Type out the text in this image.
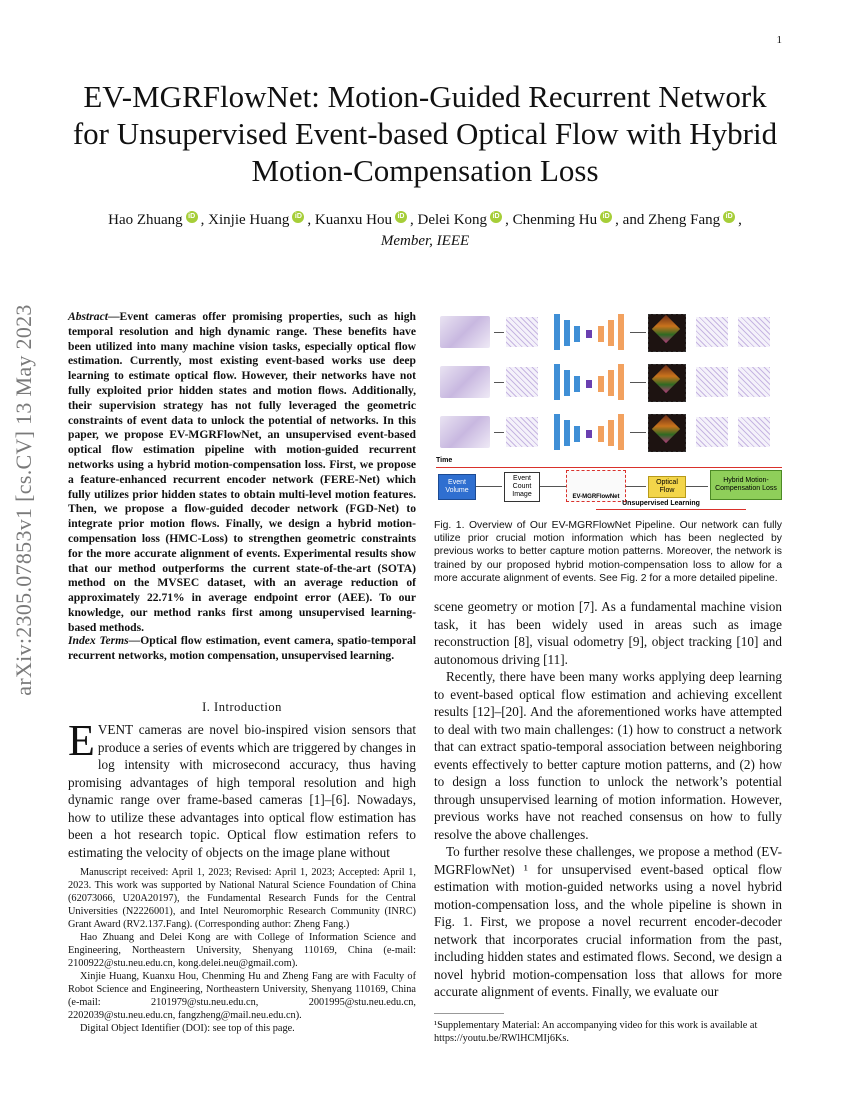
1
arXiv:2305.07853v1 [cs.CV] 13 May 2023
EV-MGRFlowNet: Motion-Guided Recurrent Network for Unsupervised Event-based Optical Flow with Hybrid Motion-Compensation Loss
Hao Zhuang iD , Xinjie Huang iD , Kuanxu Hou iD , Delei Kong iD , Chenming Hu iD , and Zheng Fang iD ,
Member, IEEE
Abstract—Event cameras offer promising properties, such as high temporal resolution and high dynamic range. These benefits have been utilized into many machine vision tasks, especially optical flow estimation. Currently, most existing event-based works use deep learning to estimate optical flow. However, their networks have not fully exploited prior hidden states and motion flows. Additionally, their supervision strategy has not fully leveraged the geometric constraints of event data to unlock the potential of networks. In this paper, we propose EV-MGRFlowNet, an unsupervised event-based optical flow estimation pipeline with motion-guided recurrent networks using a hybrid motion-compensation loss. First, we propose a feature-enhanced recurrent encoder network (FERE-Net) which fully utilizes prior hidden states to obtain multi-level motion features. Then, we propose a flow-guided decoder network (FGD-Net) to integrate prior motion flows. Finally, we design a hybrid motion-compensation loss (HMC-Loss) to strengthen geometric constraints for the more accurate alignment of events. Experimental results show that our method outperforms the current state-of-the-art (SOTA) method on the MVSEC dataset, with an average reduction of approximately 22.71% in average endpoint error (AEE). To our knowledge, our method ranks first among unsupervised learning-based methods.
Index Terms—Optical flow estimation, event camera, spatio-temporal recurrent networks, motion compensation, unsupervised learning.
I. Introduction
EVENT cameras are novel bio-inspired vision sensors that produce a series of events which are triggered by changes in log intensity with microsecond accuracy, thus having promising advantages of high temporal resolution and high dynamic range over frame-based cameras [1]–[6]. Nowadays, how to utilize these advantages into optical flow estimation has been a hot research topic. Optical flow estimation refers to estimating the velocity of objects on the image plane without

Manuscript received: April 1, 2023; Revised: April 1, 2023; Accepted: April 1, 2023. This work was supported by National Natural Science Foundation of China (62073066, U20A20197), the Fundamental Research Funds for the Central Universities (N2226001), and Intel Neuromorphic Research Community (INRC) Grant Award (RV2.137.Fang). (Corresponding author: Zheng Fang.)

Hao Zhuang and Delei Kong are with College of Information Science and Engineering, Northeastern University, Shenyang 110169, China (e-mail: 2100922@stu.neu.edu.cn, kong.delei.neu@gmail.com).

Xinjie Huang, Kuanxu Hou, Chenming Hu and Zheng Fang are with Faculty of Robot Science and Engineering, Northeastern University, Shenyang 110169, China (e-mail: 2101979@stu.neu.edu.cn, 2001995@stu.neu.edu.cn, 2202039@stu.neu.edu.cn, fangzheng@mail.neu.edu.cn).

Digital Object Identifier (DOI): see top of this page.

Time
Event Volume
Event Count Image	EV-MGRFlowNet
Optical Flow
Hybrid Motion-Compensation Loss
Unsupervised Learning
Fig. 1. Overview of Our EV-MGRFlowNet Pipeline. Our network can fully utilize prior crucial motion information which has been neglected by previous works to better capture motion patterns. Moreover, the network is trained by our proposed hybrid motion-compensation loss to allow for a more accurate alignment of events. See Fig. 2 for a more detailed pipeline.

scene geometry or motion [7]. As a fundamental machine vision task, it has been widely used in areas such as image reconstruction [8], visual odometry [9], object tracking [10] and autonomous driving [11].

Recently, there have been many works applying deep learning to event-based optical flow estimation and achieving excellent results [12]–[20]. And the aforementioned works have attempted to deal with two main challenges: (1) how to construct a network that can extract spatio-temporal association between neighboring events effectively to better capture motion patterns, and (2) how to design a loss function to unlock the network’s potential through unsupervised learning of motion information. However, previous works have not reached consensus on how to fully resolve the above challenges.

To further resolve these challenges, we propose a method (EV-MGRFlowNet) ¹ for unsupervised event-based optical flow estimation with motion-guided networks using a novel hybrid motion-compensation loss, and the whole pipeline is shown in Fig. 1. First, we propose a novel recurrent encoder-decoder network that incorporates crucial information from the past, including hidden states and estimated flows. Second, we design a novel hybrid motion-compensation loss that allows for more accurate alignment of events. Finally, we evaluate our

¹Supplementary Material: An accompanying video for this work is available at https://youtu.be/RWlHCMIj6Ks.
